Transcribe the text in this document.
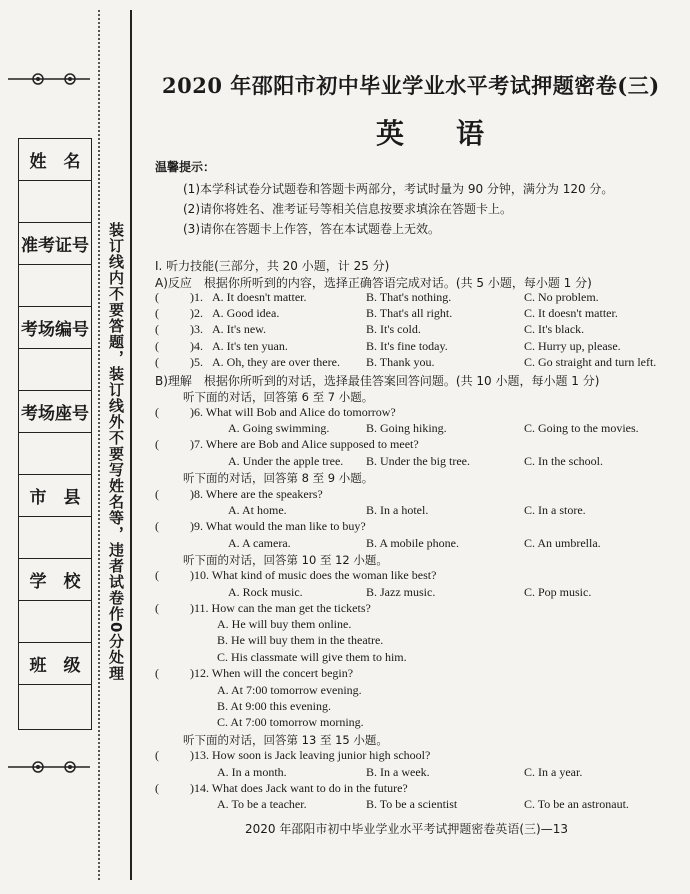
姓　名
准考证号
考场编号
考场座号
市　县
学　校
班　级	装订线内不要答题，装订线外不要写姓名等，违者试卷作0分处理
2020 年邵阳市初中毕业学业水平考试押题密卷(三)
英　语
温馨提示：
(1)本学科试卷分试题卷和答题卡两部分，考试时量为 90 分钟，满分为 120 分。
(2)请你将姓名、准考证号等相关信息按要求填涂在答题卡上。
(3)请你在答题卡上作答，答在本试题卷上无效。
Ⅰ. 听力技能(三部分，共 20 小题，计 25 分)
A)反应　根据你所听到的内容，选择正确答语完成对话。(共 5 小题，每小题 1 分)
(	)1. A. It doesn't matter.	B. That's nothing.	C. No problem.
(	)2. A. Good idea.	B. That's all right.	C. It doesn't matter.
(	)3. A. It's new.	B. It's cold.	C. It's black.
(	)4. A. It's ten yuan.	B. It's fine today.	C. Hurry up, please.
(	)5. A. Oh, they are over there. B. Thank you.	C. Go straight and turn left.
B)理解　根据你所听到的对话，选择最佳答案回答问题。(共 10 小题，每小题 1 分)
听下面的对话，回答第 6 至 7 小题。
(	)6. What will Bob and Alice do tomorrow?
A. Going swimming.	B. Going hiking.	C. Going to the movies.
(	)7. Where are Bob and Alice supposed to meet?
A. Under the apple tree. B. Under the big tree.	C. In the school.
听下面的对话，回答第 8 至 9 小题。
(	)8. Where are the speakers?
A. At home.	B. In a hotel.	C. In a store.
(	)9. What would the man like to buy?
A. A camera.	B. A mobile phone.	C. An umbrella.
听下面的对话，回答第 10 至 12 小题。
(	)10. What kind of music does the woman like best?
A. Rock music.	B. Jazz music.	C. Pop music.
(	)11. How can the man get the tickets?
A. He will buy them online.
B. He will buy them in the theatre.
C. His classmate will give them to him.
(	)12. When will the concert begin?
A. At 7:00 tomorrow evening.
B. At 9:00 this evening.
C. At 7:00 tomorrow morning.
听下面的对话，回答第 13 至 15 小题。
(	)13. How soon is Jack leaving junior high school?
A. In a month.	B. In a week.	C. In a year.
(	)14. What does Jack want to do in the future?
A. To be a teacher.	B. To be a scientist	C. To be an astronaut.
2020 年邵阳市初中毕业学业水平考试押题密卷英语(三)—13
